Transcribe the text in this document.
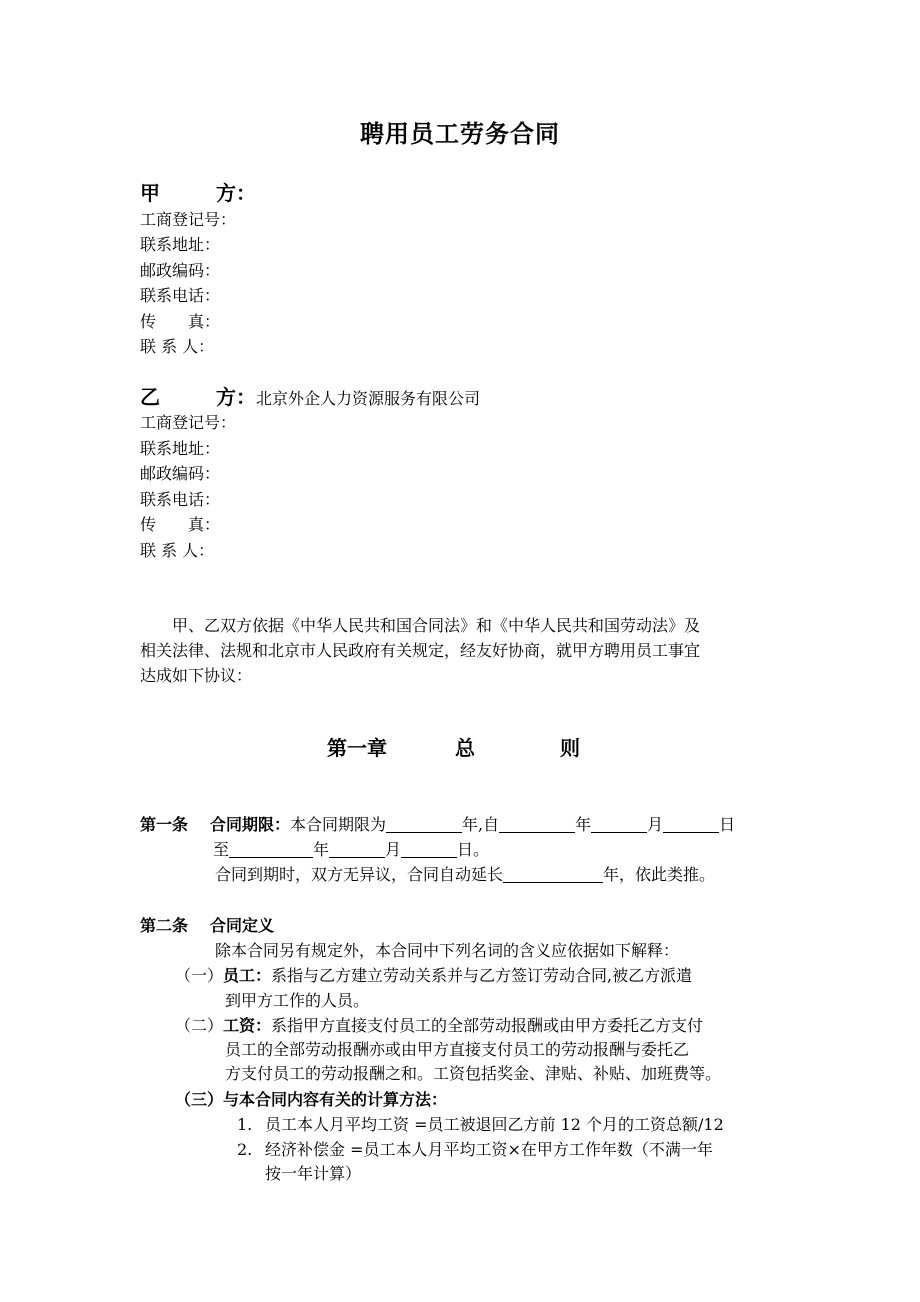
聘用员工劳务合同
甲	方：
工商登记号：
联系地址：
邮政编码：
联系电话：
传　　真：
联 系 人：
乙	方：北京外企人力资源服务有限公司
工商登记号：
联系地址：
邮政编码：
联系电话：
传　　真：
联 系 人：
　　甲、乙双方依据《中华人民共和国合同法》和《中华人民共和国劳动法》及
相关法律、法规和北京市人民政府有关规定，经友好协商，就甲方聘用员工事宜
达成如下协议：
第一章	总	则
第一条 合同期限：本合同期限为	年,自	年	月	日
至	年	月	日。
合同到期时，双方无异议，合同自动延长	年，依此类推。
第二条 合同定义
除本合同另有规定外，本合同中下列名词的含义应依据如下解释：
（一）员工：系指与乙方建立劳动关系并与乙方签订劳动合同,被乙方派遣
到甲方工作的人员。
（二）工资：系指甲方直接支付员工的全部劳动报酬或由甲方委托乙方支付
员工的全部劳动报酬亦或由甲方直接支付员工的劳动报酬与委托乙
方支付员工的劳动报酬之和。工资包括奖金、津贴、补贴、加班费等。
（三）与本合同内容有关的计算方法：
1. 员工本人月平均工资 =员工被退回乙方前 12 个月的工资总额/12
2. 经济补偿金 =员工本人月平均工资×在甲方工作年数（不满一年
按一年计算）
